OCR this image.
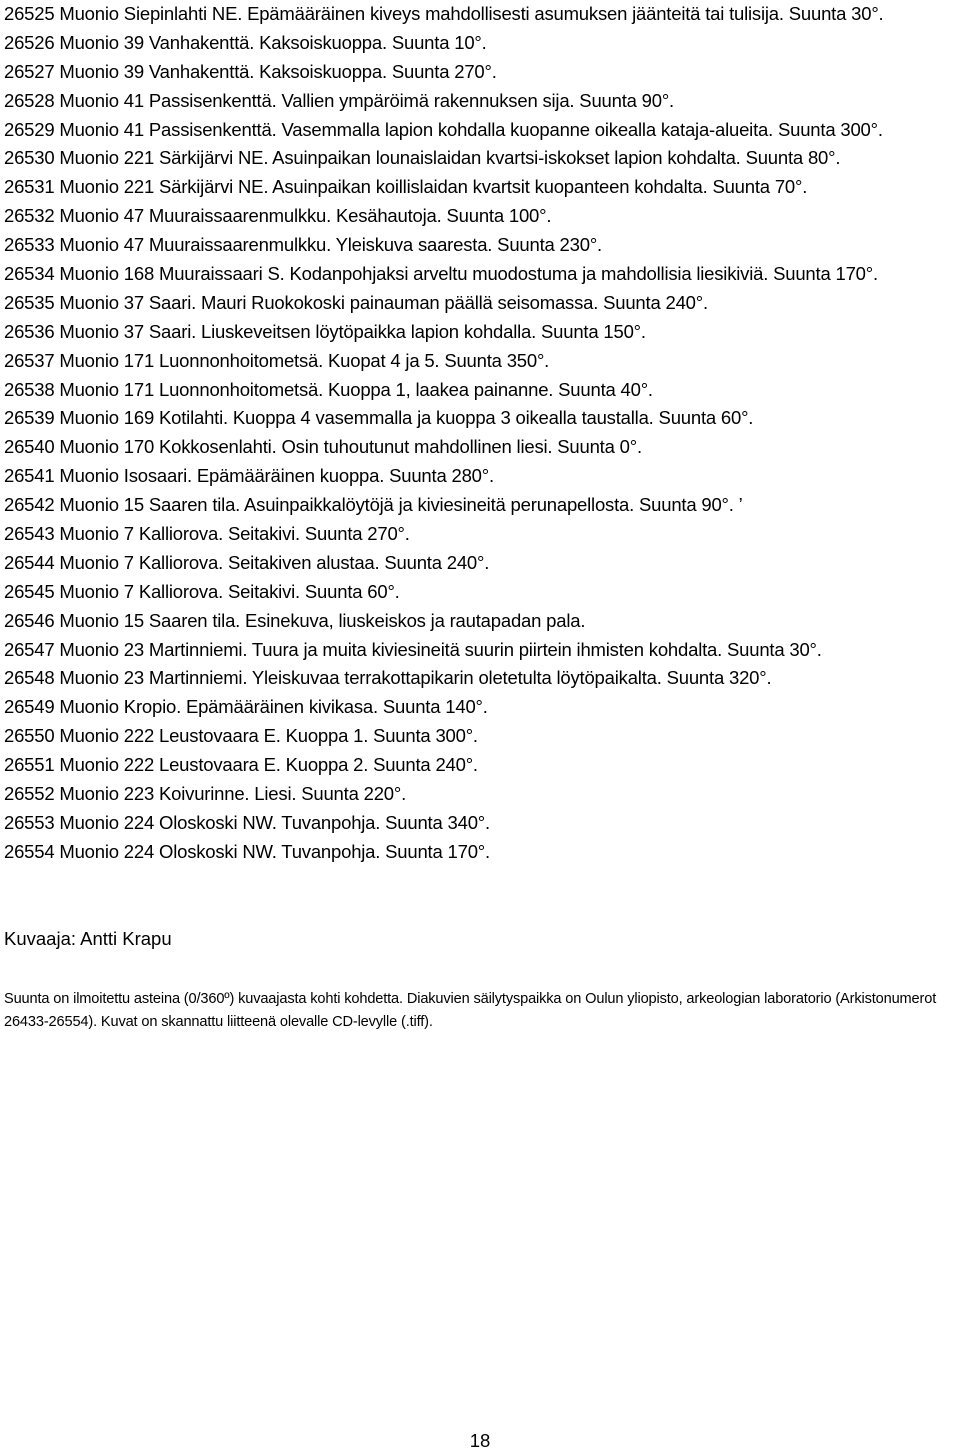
26525 Muonio Siepinlahti NE. Epämääräinen kiveys mahdollisesti asumuksen jäänteitä tai tulisija. Suunta 30°.
26526 Muonio 39 Vanhakenttä. Kaksoiskuoppa. Suunta 10°.
26527 Muonio 39 Vanhakenttä. Kaksoiskuoppa. Suunta 270°.
26528 Muonio 41 Passisenkenttä. Vallien ympäröimä rakennuksen sija. Suunta 90°.
26529 Muonio 41 Passisenkenttä. Vasemmalla lapion kohdalla kuopanne oikealla kataja-alueita. Suunta 300°.
26530 Muonio 221 Särkijärvi NE. Asuinpaikan lounaislaidan kvartsi-iskokset lapion kohdalta. Suunta 80°.
26531 Muonio 221 Särkijärvi NE. Asuinpaikan koillislaidan kvartsit kuopanteen kohdalta. Suunta 70°.
26532 Muonio 47 Muuraissaarenmulkku. Kesähautoja. Suunta 100°.
26533 Muonio 47 Muuraissaarenmulkku. Yleiskuva saaresta. Suunta 230°.
26534 Muonio 168 Muuraissaari S. Kodanpohjaksi arveltu muodostuma ja mahdollisia liesikiviä. Suunta 170°.
26535 Muonio 37 Saari. Mauri Ruokokoski painauman päällä seisomassa. Suunta 240°.
26536 Muonio 37 Saari. Liuskeveitsen löytöpaikka lapion kohdalla. Suunta 150°.
26537 Muonio 171 Luonnonhoitometsä. Kuopat 4 ja 5. Suunta 350°.
26538 Muonio 171 Luonnonhoitometsä. Kuoppa 1, laakea painanne. Suunta 40°.
26539 Muonio 169 Kotilahti. Kuoppa 4 vasemmalla ja kuoppa 3 oikealla taustalla. Suunta 60°.
26540 Muonio 170 Kokkosenlahti. Osin tuhoutunut mahdollinen liesi. Suunta 0°.
26541 Muonio Isosaari. Epämääräinen kuoppa. Suunta 280°.
26542 Muonio 15 Saaren tila. Asuinpaikkalöytöjä ja kiviesineitä perunapellosta. Suunta 90°. ’
26543 Muonio 7 Kalliorova. Seitakivi. Suunta 270°.
26544 Muonio 7 Kalliorova. Seitakiven alustaa. Suunta 240°.
26545 Muonio 7 Kalliorova. Seitakivi. Suunta 60°.
26546 Muonio 15 Saaren tila. Esinekuva, liuskeiskos ja rautapadan pala.
26547 Muonio 23 Martinniemi. Tuura ja muita kiviesineitä suurin piirtein ihmisten kohdalta. Suunta 30°.
26548 Muonio 23 Martinniemi. Yleiskuvaa terrakottapikarin oletetulta löytöpaikalta. Suunta 320°.
26549 Muonio Kropio. Epämääräinen kivikasa. Suunta 140°.
26550 Muonio 222 Leustovaara E. Kuoppa 1. Suunta 300°.
26551 Muonio 222 Leustovaara E. Kuoppa 2. Suunta 240°.
26552 Muonio 223 Koivurinne. Liesi. Suunta 220°.
26553 Muonio 224 Oloskoski NW. Tuvanpohja. Suunta 340°.
26554 Muonio 224 Oloskoski NW. Tuvanpohja. Suunta 170°.
Kuvaaja: Antti Krapu

Suunta on ilmoitettu asteina (0/360º) kuvaajasta kohti kohdetta. Diakuvien säilytyspaikka on Oulun yliopisto, arkeologian laboratorio (Arkistonumerot 26433-26554). Kuvat on skannattu liitteenä olevalle CD-levylle (.tiff).

18
